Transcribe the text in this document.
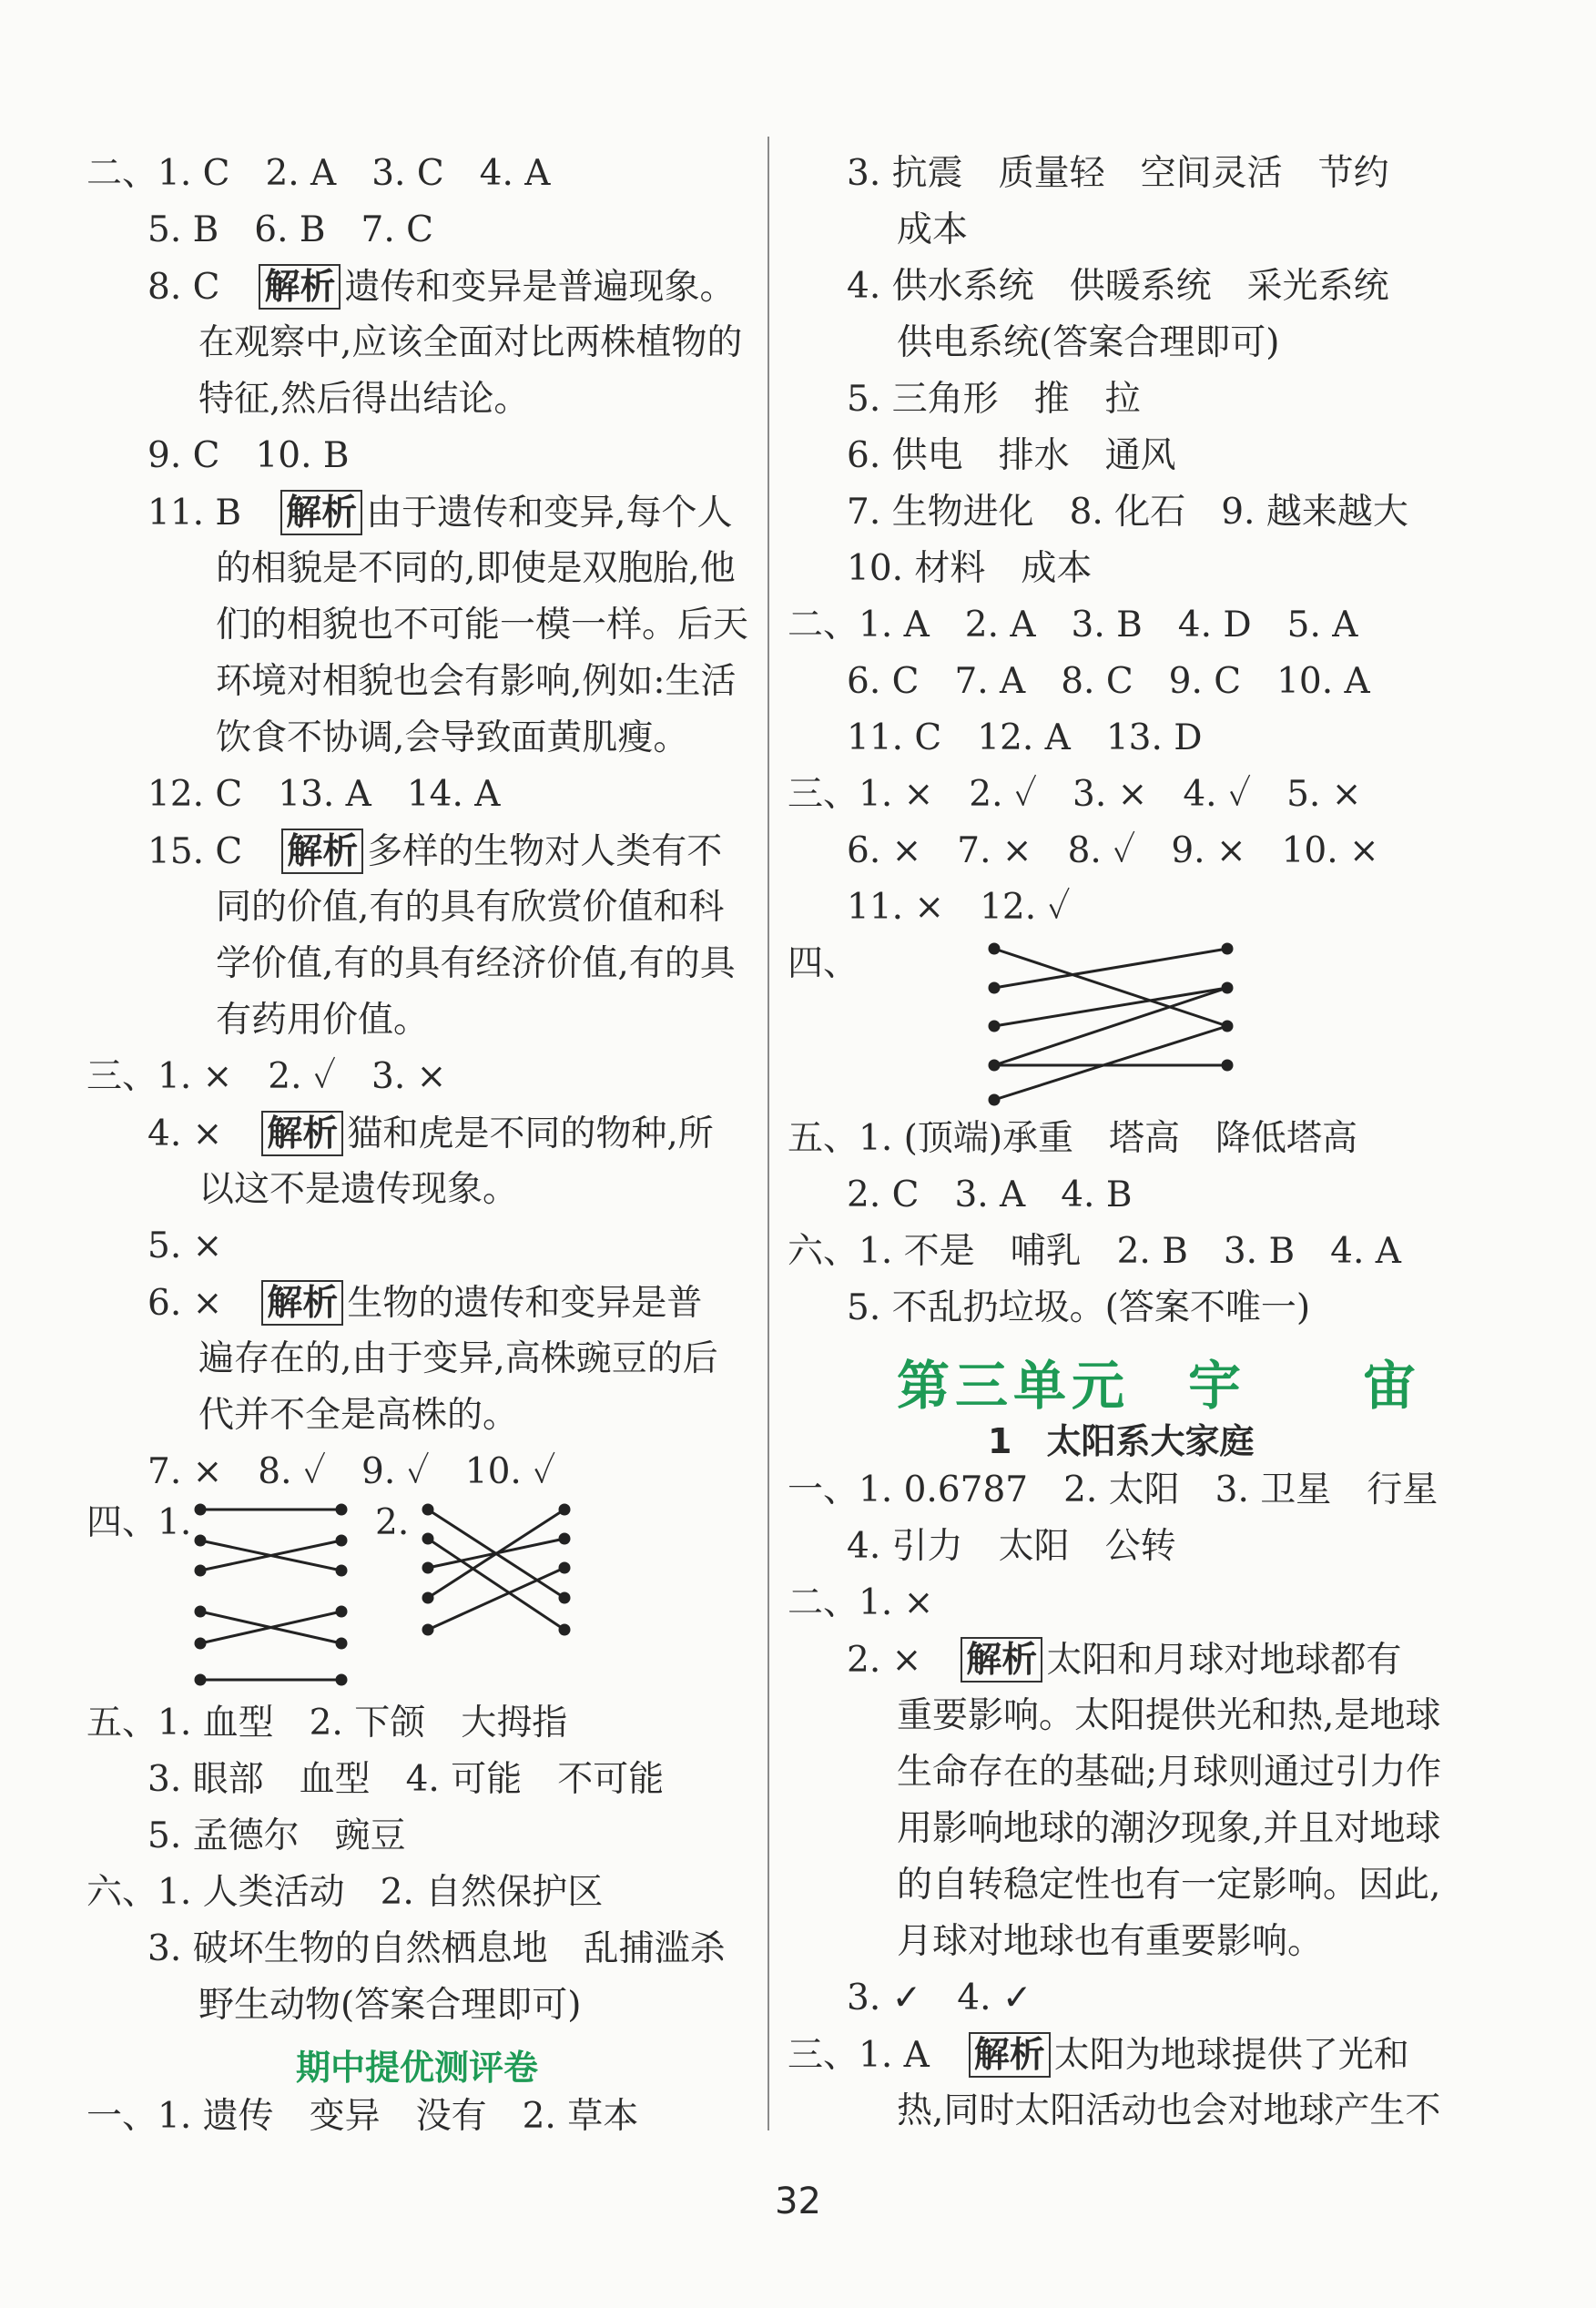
二、1. C　2. A　3. C　4. A
5. B　6. B　7. C
8. C　解析 遗传和变异是普遍现象。
在观察中,应该全面对比两株植物的
特征,然后得出结论。
9. C　10. B
11. B　解析 由于遗传和变异,每个人
的相貌是不同的,即使是双胞胎,他
们的相貌也不可能一模一样。后天
环境对相貌也会有影响,例如:生活
饮食不协调,会导致面黄肌瘦。
12. C　13. A　14. A
15. C　解析 多样的生物对人类有不
同的价值,有的具有欣赏价值和科
学价值,有的具有经济价值,有的具
有药用价值。
三、1. ×　2. ✓　3. ×
4. ×　解析 猫和虎是不同的物种,所
以这不是遗传现象。
5. ×
6. ×　解析 生物的遗传和变异是普
遍存在的,由于变异,高株豌豆的后
代并不全是高株的。
7. ×　8. ✓　9. ✓　10. ✓
四、1.	2.
五、1. 血型　2. 下颌　大拇指
3. 眼部　血型　4. 可能　不可能
5. 孟德尔　豌豆
六、1. 人类活动　2. 自然保护区
3. 破坏生物的自然栖息地　乱捕滥杀
野生动物(答案合理即可)
期中提优测评卷
一、1. 遗传　变异　没有　2. 草本
3. 抗震　质量轻　空间灵活　节约
成本
4. 供水系统　供暖系统　采光系统
供电系统(答案合理即可)
5. 三角形　推　拉
6. 供电　排水　通风
7. 生物进化　8. 化石　9. 越来越大
10. 材料　成本
二、1. A　2. A　3. B　4. D　5. A
6. C　7. A　8. C　9. C　10. A
11. C　12. A　13. D
三、1. ×　2. ✓　3. ×　4. ✓　5. ×
6. ×　7. ×　8. ✓　9. ×　10. ×
11. ×　12. ✓
四、
五、1. (顶端)承重　塔高　降低塔高
2. C　3. A　4. B
六、1. 不是　哺乳　2. B　3. B　4. A
5. 不乱扔垃圾。(答案不唯一)
第三单元　宇　　宙
1　太阳系大家庭
一、1. 0.6787　2. 太阳　3. 卫星　行星
4. 引力　太阳　公转
二、1. ×
2. ×　解析 太阳和月球对地球都有
重要影响。太阳提供光和热,是地球
生命存在的基础;月球则通过引力作
用影响地球的潮汐现象,并且对地球
的自转稳定性也有一定影响。因此,
月球对地球也有重要影响。
3. ✓　4. ✓
三、1. A　解析 太阳为地球提供了光和
热,同时太阳活动也会对地球产生不
32
